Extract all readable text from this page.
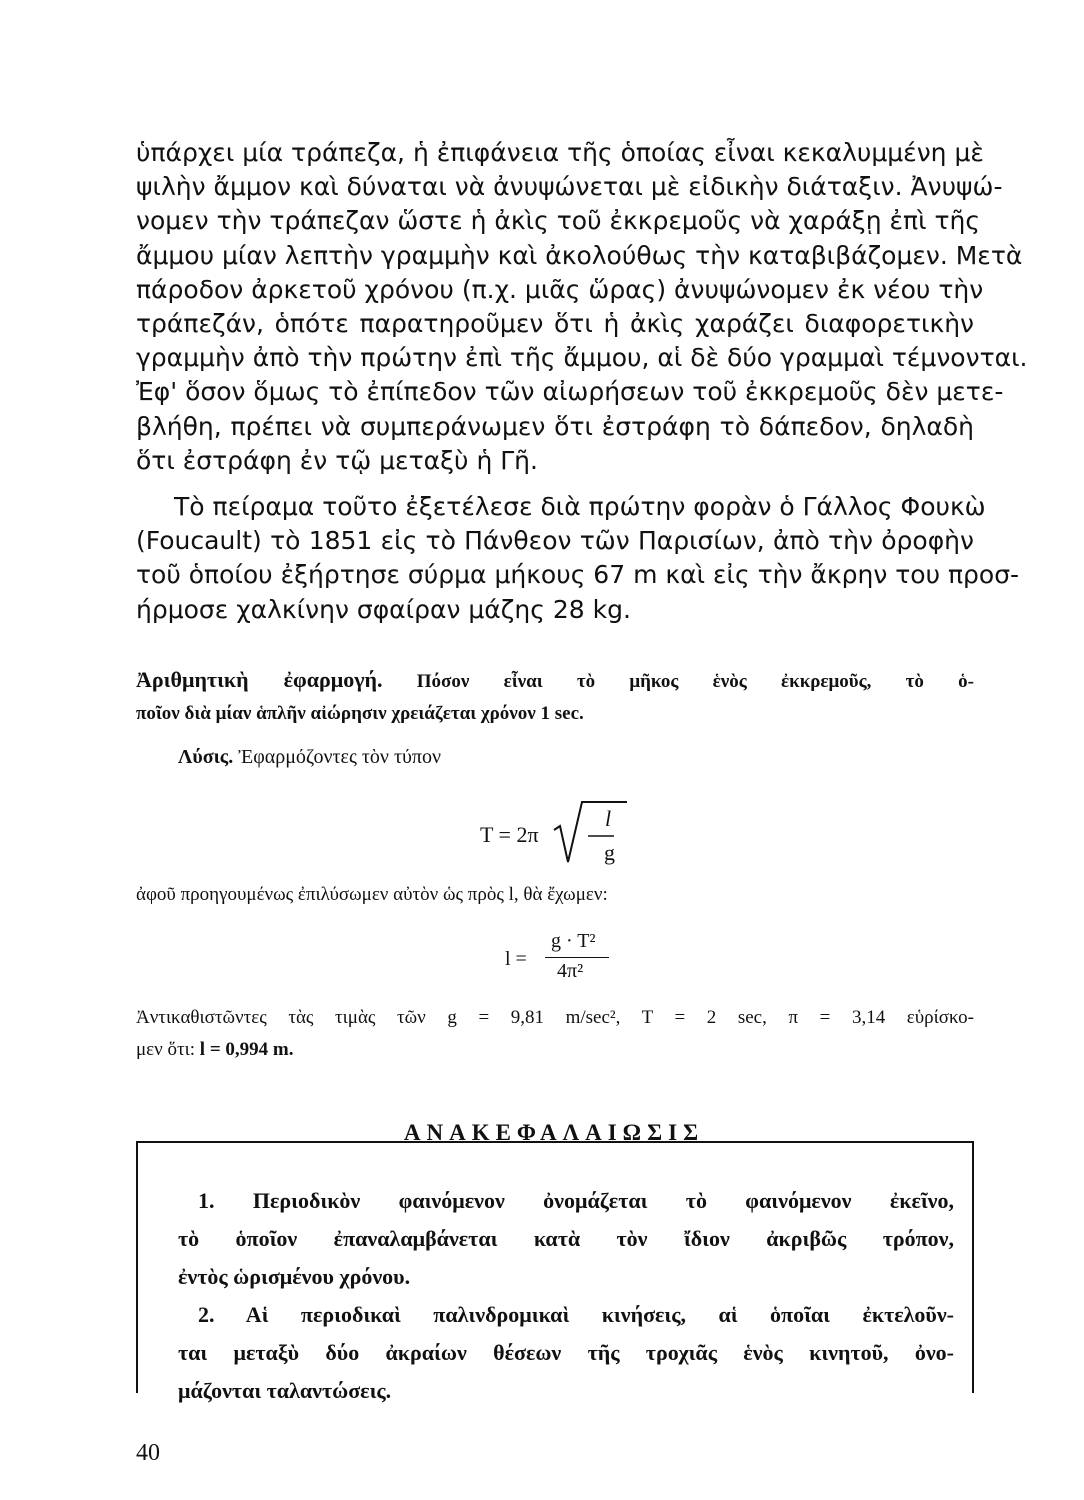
ὑπάρχει μία τράπεζα, ἡ ἐπιφάνεια τῆς ὁποίας εἶναι κεκαλυμμένη μὲ
ψιλὴν ἄμμον καὶ δύναται νὰ ἀνυψώνεται μὲ εἰδικὴν διάταξιν. Ἀνυψώ-
νομεν τὴν τράπεζαν ὥστε ἡ ἀκὶς τοῦ ἐκκρεμοῦς νὰ χαράξῃ ἐπὶ τῆς
ἄμμου μίαν λεπτὴν γραμμὴν καὶ ἀκολούθως τὴν καταβιβάζομεν. Μετὰ
πάροδον ἀρκετοῦ χρόνου (π.χ. μιᾶς ὥρας) ἀνυψώνομεν ἐκ νέου τὴν
τράπεζάν, ὁπότε παρατηροῦμεν ὅτι ἡ ἀκὶς χαράζει διαφορετικὴν
γραμμὴν ἀπὸ τὴν πρώτην ἐπὶ τῆς ἄμμου, αἱ δὲ δύο γραμμαὶ τέμνονται.
Ἐφ' ὅσον ὅμως τὸ ἐπίπεδον τῶν αἰωρήσεων τοῦ ἐκκρεμοῦς δὲν μετε-
βλήθη, πρέπει νὰ συμπεράνωμεν ὅτι ἐστράφη τὸ δάπεδον, δηλαδὴ
ὅτι ἐστράφη ἐν τῷ μεταξὺ ἡ Γῆ.
Τὸ πείραμα τοῦτο ἐξετέλεσε διὰ πρώτην φορὰν ὁ Γάλλος Φουκὼ
(Foucault) τὸ 1851 εἰς τὸ Πάνθεον τῶν Παρισίων, ἀπὸ τὴν ὀροφὴν
τοῦ ὁποίου ἐξήρτησε σύρμα μήκους 67 m καὶ εἰς τὴν ἄκρην του προσ-
ήρμοσε χαλκίνην σφαίραν μάζης 28 kg.
Ἀριθμητικὴ ἐφαρμογή. Πόσον εἶναι τὸ μῆκος ἑνὸς ἐκκρεμοῦς, τὸ ὁ-
ποῖον διὰ μίαν ἁπλῆν αἰώρησιν χρειάζεται χρόνον 1 sec.
Λύσις. Ἐφαρμόζοντες τὸν τύπον
T = 2π
l
g
ἀφοῦ προηγουμένως ἐπιλύσωμεν αὐτὸν ὡς πρὸς l, θὰ ἔχωμεν:
l =
g · T²
4π²
Ἀντικαθιστῶντες τὰς τιμὰς τῶν g = 9,81 m/sec², T = 2 sec, π = 3,14 εὑρίσκο-
μεν ὅτι: l = 0,994 m.
ΑΝΑΚΕΦΑΛΑΙΩΣΙΣ
1. Περιοδικὸν φαινόμενον ὀνομάζεται τὸ φαινόμενον ἐκεῖνο,
τὸ ὁποῖον ἐπαναλαμβάνεται κατὰ τὸν ἴδιον ἀκριβῶς τρόπον,
ἐντὸς ὡρισμένου χρόνου.
2. Αἱ περιοδικαὶ παλινδρομικαὶ κινήσεις, αἱ ὁποῖαι ἐκτελοῦν-
ται μεταξὺ δύο ἀκραίων θέσεων τῆς τροχιᾶς ἑνὸς κινητοῦ, ὀνο-
μάζονται ταλαντώσεις.
40
